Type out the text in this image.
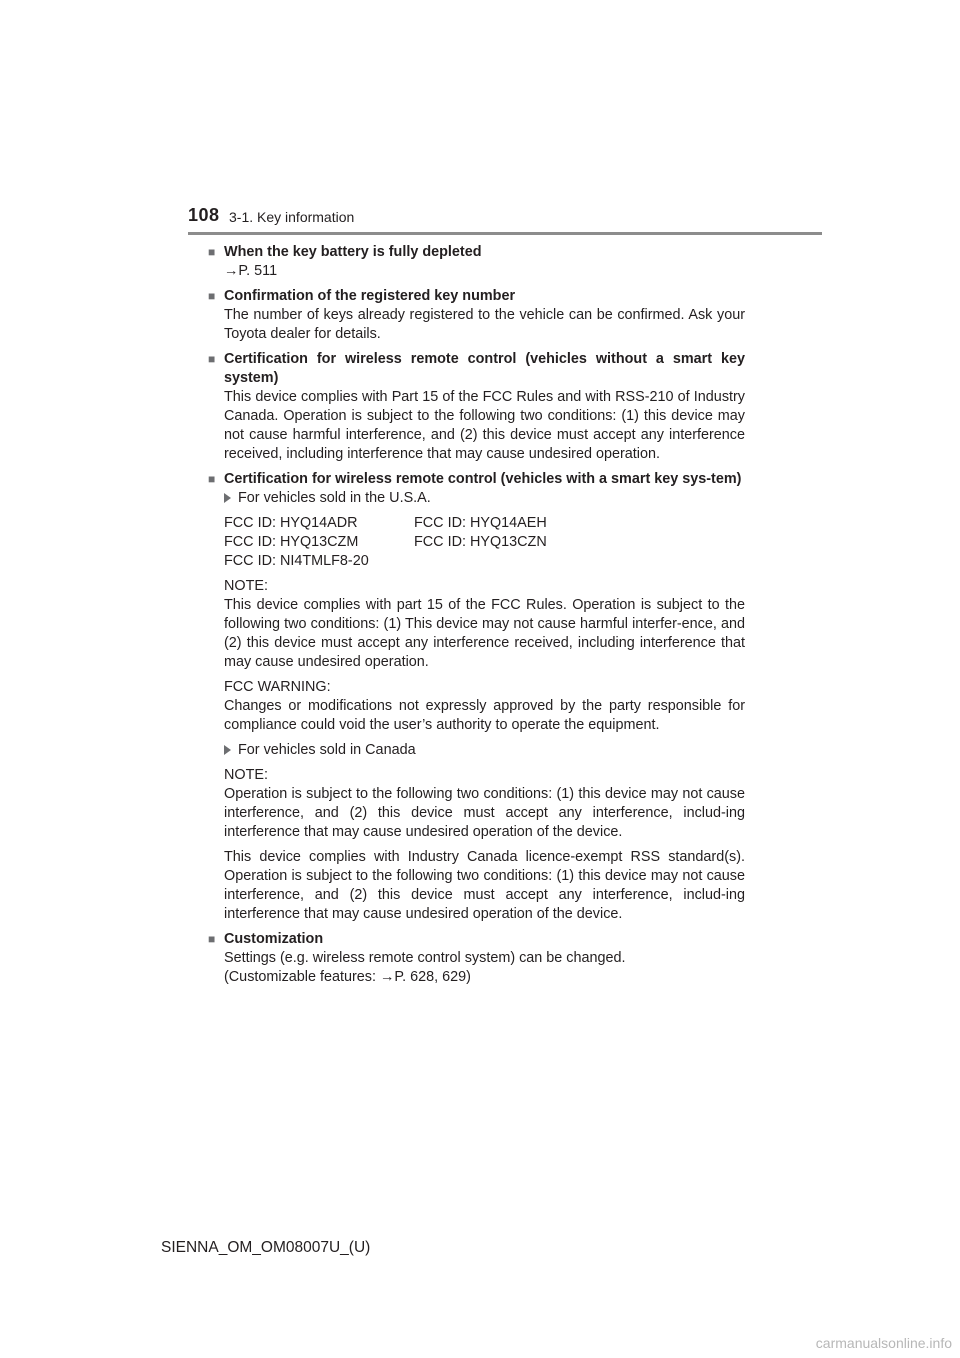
108 3-1. Key information
■ When the key battery is fully depleted
→P. 511
■ Confirmation of the registered key number

The number of keys already registered to the vehicle can be confirmed. Ask your Toyota dealer for details.

■ Certification for wireless remote control (vehicles without a smart key system)

This device complies with Part 15 of the FCC Rules and with RSS-210 of Industry Canada. Operation is subject to the following two conditions: (1) this device may not cause harmful interference, and (2) this device must accept any interference received, including interference that may cause undesired operation.

■ Certification for wireless remote control (vehicles with a smart key sys-tem)
For vehicles sold in the U.S.A.
FCC ID: HYQ14ADR	FCC ID: HYQ14AEH
FCC ID: HYQ13CZM	FCC ID: HYQ13CZN
FCC ID: NI4TMLF8-20

NOTE:

This device complies with part 15 of the FCC Rules. Operation is subject to the following two conditions: (1) This device may not cause harmful interfer-ence, and (2) this device must accept any interference received, including interference that may cause undesired operation.

FCC WARNING:

Changes or modifications not expressly approved by the party responsible for compliance could void the user’s authority to operate the equipment.

For vehicles sold in Canada

NOTE:

Operation is subject to the following two conditions: (1) this device may not cause interference, and (2) this device must accept any interference, includ-ing interference that may cause undesired operation of the device.

This device complies with Industry Canada licence-exempt RSS standard(s). Operation is subject to the following two conditions: (1) this device may not cause interference, and (2) this device must accept any interference, includ-ing interference that may cause undesired operation of the device.

■ Customization

Settings (e.g. wireless remote control system) can be changed.

(Customizable features: →P. 628, 629)

SIENNA_OM_OM08007U_(U)
carmanualsonline.info
